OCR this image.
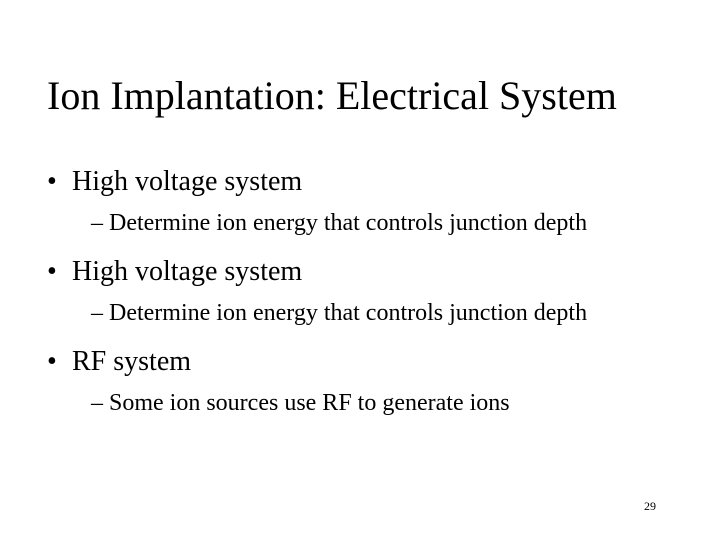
Ion Implantation: Electrical System
• High voltage system
– Determine ion energy that controls junction depth
• High voltage system
– Determine ion energy that controls junction depth
• RF system
– Some ion sources use RF to generate ions
29
